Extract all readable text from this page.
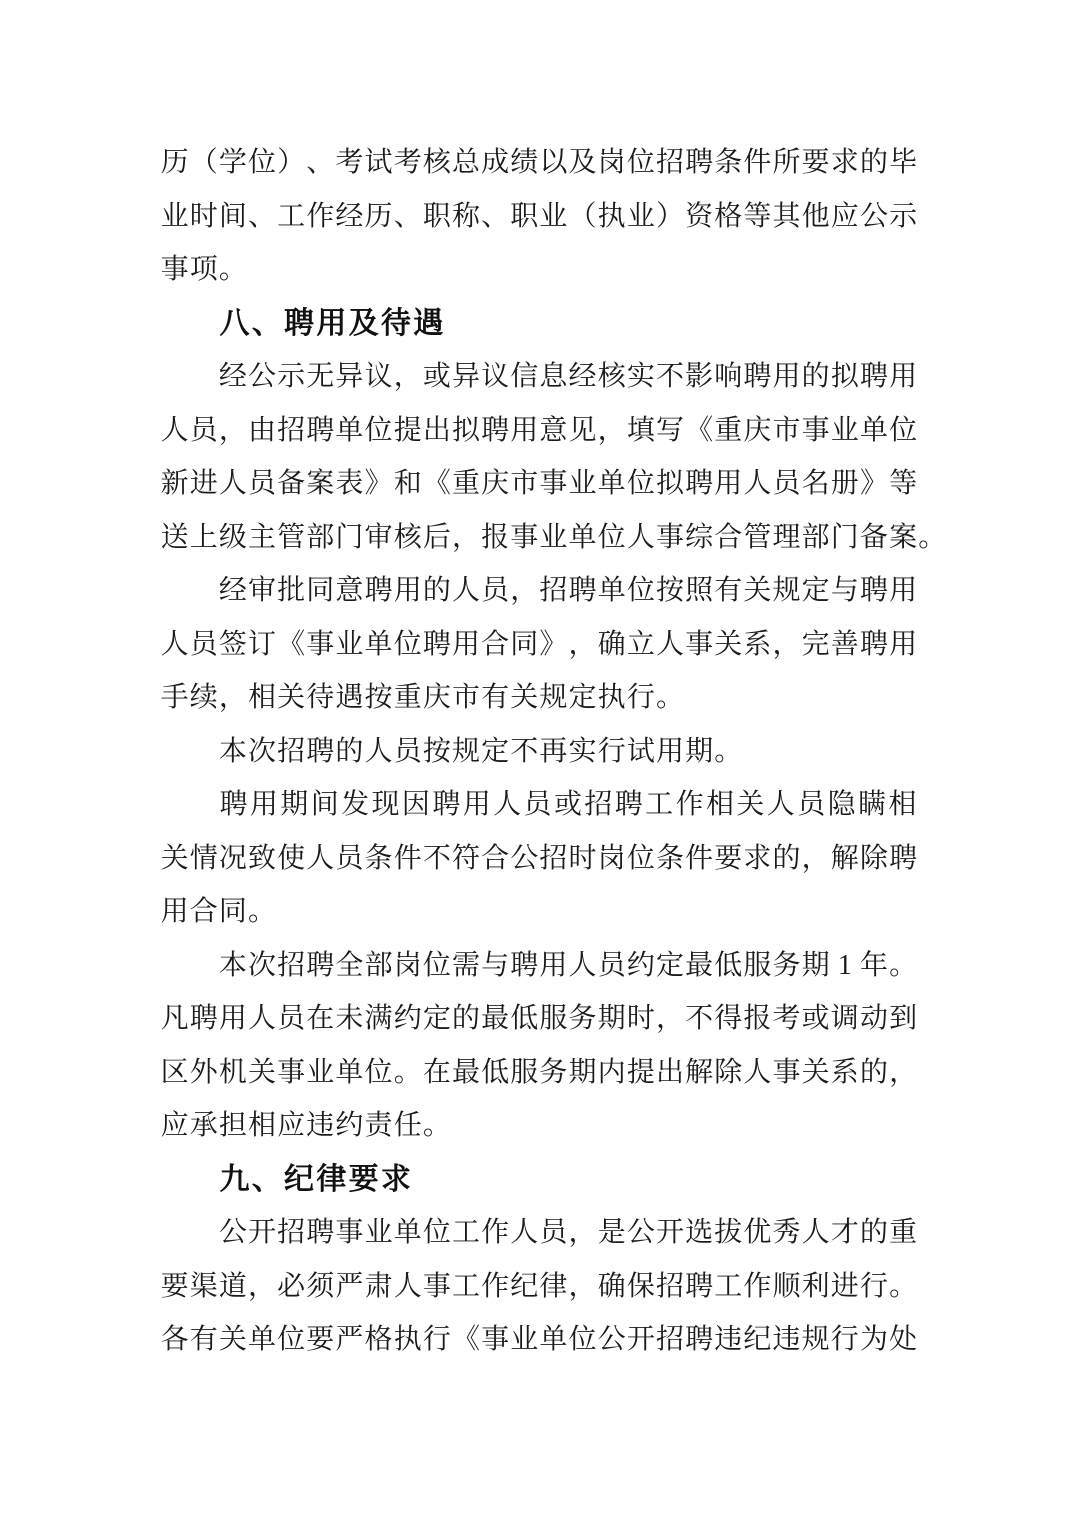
历（学位）、考试考核总成绩以及岗位招聘条件所要求的毕
业时间、工作经历、职称、职业（执业）资格等其他应公示
事项。
八、聘用及待遇
经公示无异议，或异议信息经核实不影响聘用的拟聘用
人员，由招聘单位提出拟聘用意见，填写《重庆市事业单位
新进人员备案表》和《重庆市事业单位拟聘用人员名册》等
送上级主管部门审核后，报事业单位人事综合管理部门备案。
经审批同意聘用的人员，招聘单位按照有关规定与聘用
人员签订《事业单位聘用合同》，确立人事关系，完善聘用
手续，相关待遇按重庆市有关规定执行。
本次招聘的人员按规定不再实行试用期。
聘用期间发现因聘用人员或招聘工作相关人员隐瞒相
关情况致使人员条件不符合公招时岗位条件要求的，解除聘
用合同。
本次招聘全部岗位需与聘用人员约定最低服务期 1 年。
凡聘用人员在未满约定的最低服务期时，不得报考或调动到
区外机关事业单位。在最低服务期内提出解除人事关系的，
应承担相应违约责任。
九、纪律要求
公开招聘事业单位工作人员，是公开选拔优秀人才的重
要渠道，必须严肃人事工作纪律，确保招聘工作顺利进行。
各有关单位要严格执行《事业单位公开招聘违纪违规行为处
